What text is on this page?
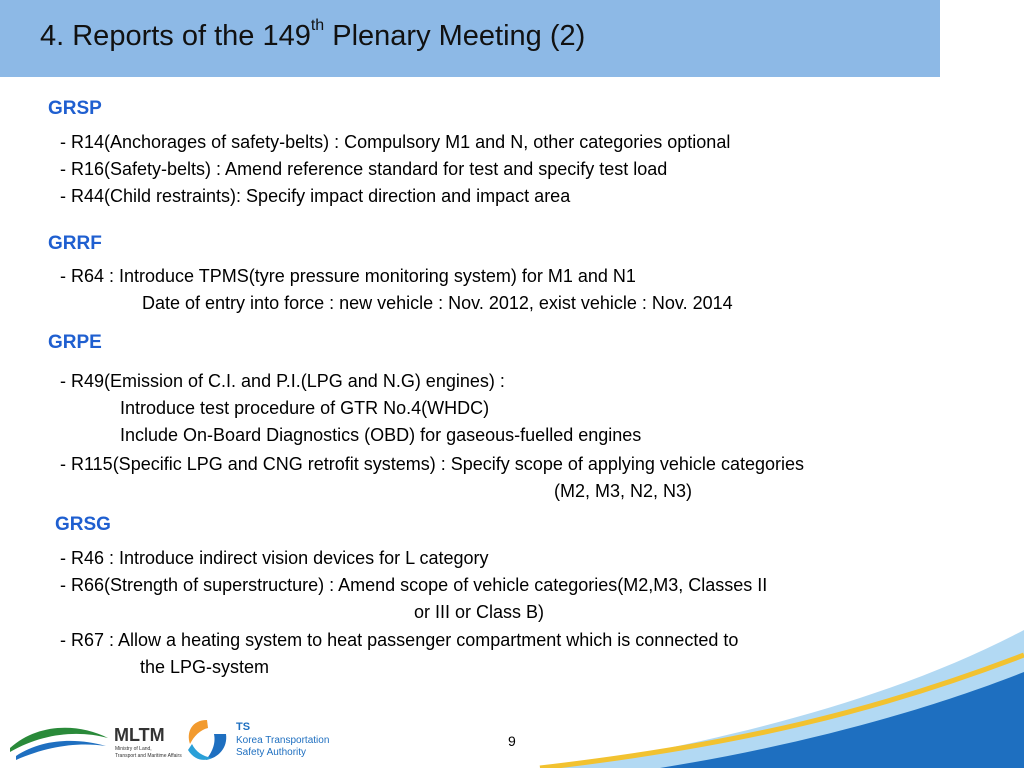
4. Reports of the 149th Plenary Meeting (2)
GRSP
- R14(Anchorages of safety-belts) : Compulsory M1 and N, other categories optional
- R16(Safety-belts) : Amend reference standard for test and specify test load
- R44(Child restraints): Specify impact direction and impact area
GRRF
- R64 : Introduce TPMS(tyre pressure monitoring system) for M1 and N1
Date of entry into force : new vehicle : Nov. 2012, exist vehicle : Nov. 2014
GRPE
- R49(Emission of C.I. and P.I.(LPG and N.G) engines) :
Introduce test procedure of GTR No.4(WHDC)
Include On-Board Diagnostics (OBD) for gaseous-fuelled engines
- R115(Specific LPG and CNG retrofit systems) : Specify scope of applying vehicle categories
(M2, M3, N2, N3)
GRSG
- R46 : Introduce indirect vision devices for L category
- R66(Strength of superstructure) : Amend scope of vehicle categories(M2,M3, Classes II
or III or Class B)
- R67 : Allow a heating system to heat passenger compartment which is connected to
the LPG-system
MLTM
Ministry of Land,
Transport and Maritime Affairs
TS
Korea Transportation
Safety Authority
9
